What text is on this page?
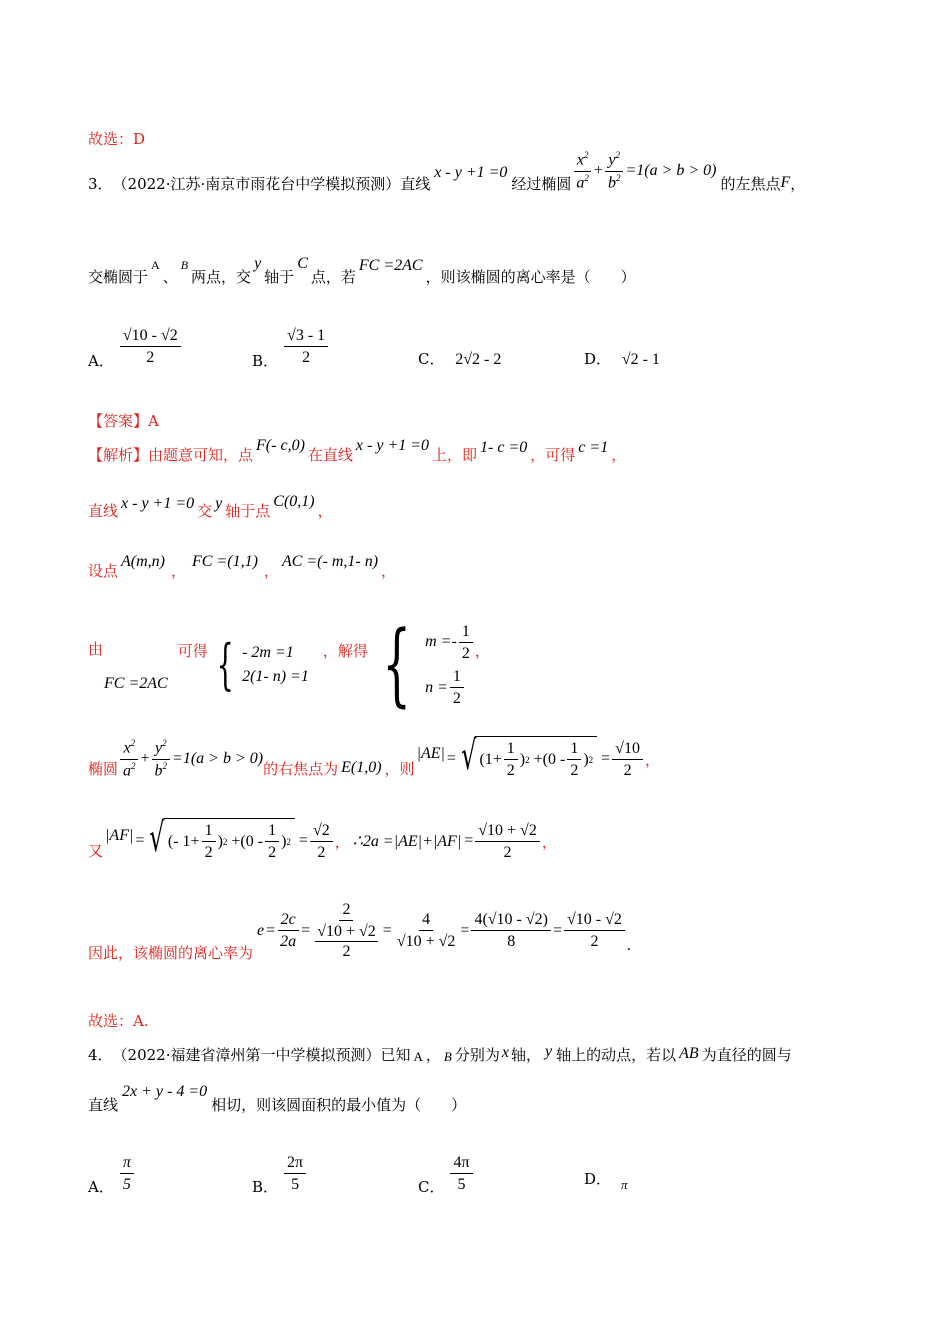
故选：D
3． （2022·江苏·南京市雨花台中学模拟预测） 直线
x - y +1 =0
经过椭圆 $\frac{x^2}{a^2} + \frac{y^2}{b^2} =1(a > b > 0)$
的左焦点 F ，
交椭圆于
A
、
B
两点，交
y
轴于
C
点，若
FC =2AC
，则该椭圆的离心率是（　　）
A． $\frac{√10 - √2}{2}$	B． $\frac{√3 - 1}{2}$	C． 2√2 - 2	D． √2 - 1
【答案】A
【解析】 由题意可知，点
F(- c,0)
在直线
x - y +1 =0
上，即 1- c =0 ，可得 c =1 ，
直线 x - y +1 =0 交 y 轴于点
C(0,1)
，
设点
A(m,n)
，
FC =(1,1)
，
AC =(- m,1- n)
，
由
FC =2AC
可得 { - 2m =1
2(1- n) =1
，解得 { $m =- \frac{1}{2}$
$n = \frac{1}{2}$
，
椭圆 $\frac{x^2}{a^2} + \frac{y^2}{b^2} =1(a > b > 0)$
的右焦点为 E(1,0) ，则
|AE| = √ ($1+ \frac{1}{2}$ ) $2 +(0 - \frac{1}{2}$ ) $2 = \frac{√10}{2}$ ，
又
|AF| = √ (- $1+ \frac{1}{2}$ ) $2 +(0 - \frac{1}{2}$ ) $2 = \frac{√2}{2}$ ， ∴2a $=|AE|+|AF| = \frac{√10 + √2}{2}$ ，
因此，该椭圆的离心率为
$e = \frac{2c}{2a} = 2$
√10 + √2
$2 = \frac{4}{√10 + √2} = \frac{4(√10 - √2)}{8} = \frac{√10 - √2}{2}$ .
故选：A.
4． （2022·福建省漳州第一中学模拟预测） 已知 A ， B 分别为 x 轴， y 轴上的动点，若以 AB 为直径的圆与
直线
2x + y - 4 =0
相切，则该圆面积的最小值为（　　）
A． $\frac{\pi}{5}$	B． $\frac{2\pi}{5}$	C． $\frac{4\pi}{5}$	D． π
